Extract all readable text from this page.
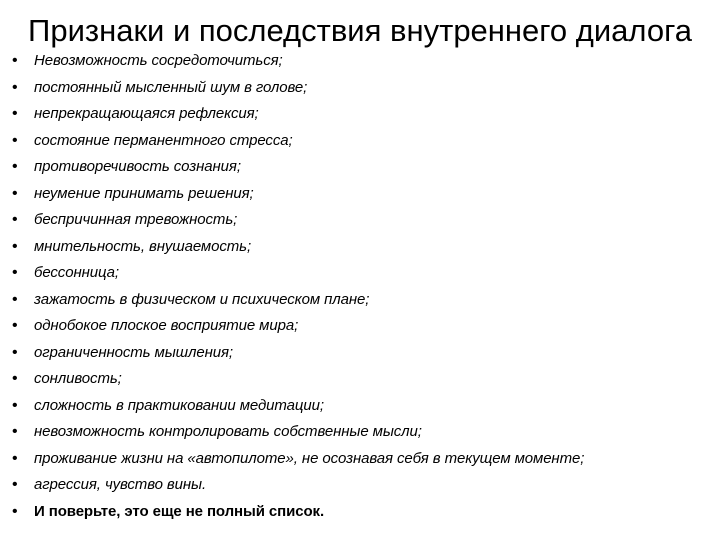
Признаки и последствия внутреннего диалога
•	Невозможность сосредоточиться;
•	постоянный мысленный шум в голове;
•	непрекращающаяся рефлексия;
•	состояние перманентного стресса;
•	противоречивость сознания;
•	неумение принимать решения;
•	беспричинная тревожность;
•	мнительность, внушаемость;
•	бессонница;
•	зажатость в физическом и психическом плане;
•	однобокое плоское восприятие мира;
•	ограниченность мышления;
•	сонливость;
•	сложность в практиковании медитации;
•	невозможность контролировать собственные мысли;
•	проживание жизни на «автопилоте», не осознавая себя в текущем моменте;
•	агрессия, чувство вины.
•	И поверьте, это еще не полный список.
